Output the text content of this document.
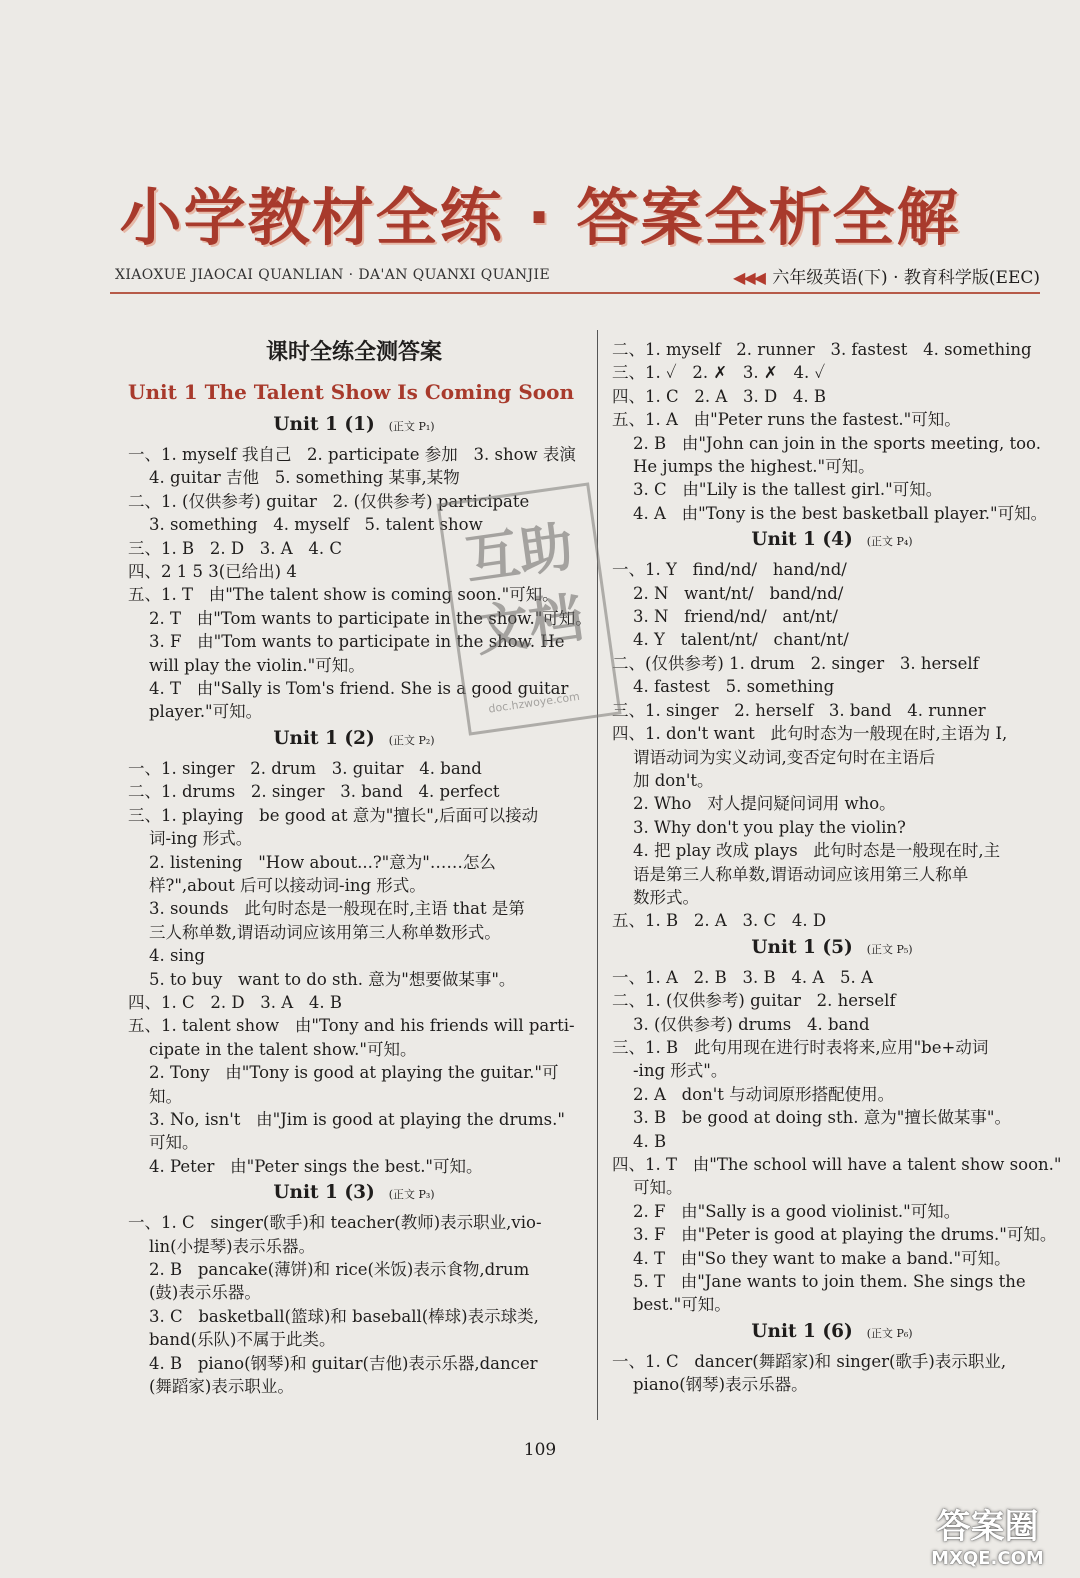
小学教材全练 · 答案全析全解
XIAOXUE JIAOCAI QUANLIAN · DA'AN QUANXI QUANJIE	◀◀◀ 六年级英语(下) · 教育科学版(EEC)
课时全练全测答案
Unit 1 The Talent Show Is Coming Soon
Unit 1 (1) (正文 P₁)
一、1. myself 我自己   2. participate 参加   3. show 表演
4. guitar 吉他   5. something 某事,某物
二、1. (仅供参考) guitar   2. (仅供参考) participate
3. something   4. myself   5. talent show
三、1. B   2. D   3. A   4. C
四、2 1 5 3(已给出) 4
五、1. T   由"The talent show is coming soon."可知。
2. T   由"Tom wants to participate in the show."可知。
3. F   由"Tom wants to participate in the show. He
will play the violin."可知。
4. T   由"Sally is Tom's friend. She is a good guitar
player."可知。
Unit 1 (2) (正文 P₂)
一、1. singer   2. drum   3. guitar   4. band
二、1. drums   2. singer   3. band   4. perfect
三、1. playing   be good at 意为"擅长",后面可以接动
词-ing 形式。
2. listening   "How about...?"意为"……怎么
样?",about 后可以接动词-ing 形式。
3. sounds   此句时态是一般现在时,主语 that 是第
三人称单数,谓语动词应该用第三人称单数形式。
4. sing
5. to buy   want to do sth. 意为"想要做某事"。
四、1. C   2. D   3. A   4. B
五、1. talent show   由"Tony and his friends will parti-
cipate in the talent show."可知。
2. Tony   由"Tony is good at playing the guitar."可
知。
3. No, isn't   由"Jim is good at playing the drums."
可知。
4. Peter   由"Peter sings the best."可知。
Unit 1 (3) (正文 P₃)
一、1. C   singer(歌手)和 teacher(教师)表示职业,vio-
lin(小提琴)表示乐器。
2. B   pancake(薄饼)和 rice(米饭)表示食物,drum
(鼓)表示乐器。
3. C   basketball(篮球)和 baseball(棒球)表示球类,
band(乐队)不属于此类。
4. B   piano(钢琴)和 guitar(吉他)表示乐器,dancer
(舞蹈家)表示职业。
二、1. myself   2. runner   3. fastest   4. something
三、1. ✓   2. ✗   3. ✗   4. ✓
四、1. C   2. A   3. D   4. B
五、1. A   由"Peter runs the fastest."可知。
2. B   由"John can join in the sports meeting, too.
He jumps the highest."可知。
3. C   由"Lily is the tallest girl."可知。
4. A   由"Tony is the best basketball player."可知。
Unit 1 (4) (正文 P₄)
一、1. Y   find/nd/   hand/nd/
2. N   want/nt/   band/nd/
3. N   friend/nd/   ant/nt/
4. Y   talent/nt/   chant/nt/
二、(仅供参考) 1. drum   2. singer   3. herself
4. fastest   5. something
三、1. singer   2. herself   3. band   4. runner
四、1. don't want   此句时态为一般现在时,主语为 I,
谓语动词为实义动词,变否定句时在主语后
加 don't。
2. Who   对人提问疑问词用 who。
3. Why don't you play the violin?
4. 把 play 改成 plays   此句时态是一般现在时,主
语是第三人称单数,谓语动词应该用第三人称单
数形式。
五、1. B   2. A   3. C   4. D
Unit 1 (5) (正文 P₅)
一、1. A   2. B   3. B   4. A   5. A
二、1. (仅供参考) guitar   2. herself
3. (仅供参考) drums   4. band
三、1. B   此句用现在进行时表将来,应用"be+动词
-ing 形式"。
2. A   don't 与动词原形搭配使用。
3. B   be good at doing sth. 意为"擅长做某事"。
4. B
四、1. T   由"The school will have a talent show soon."
可知。
2. F   由"Sally is a good violinist."可知。
3. F   由"Peter is good at playing the drums."可知。
4. T   由"So they want to make a band."可知。
5. T   由"Jane wants to join them. She sings the
best."可知。
Unit 1 (6) (正文 P₆)
一、1. C   dancer(舞蹈家)和 singer(歌手)表示职业,
piano(钢琴)表示乐器。
互助文档
doc.hzwoye.com
109
答案圈
MXQE.COM
